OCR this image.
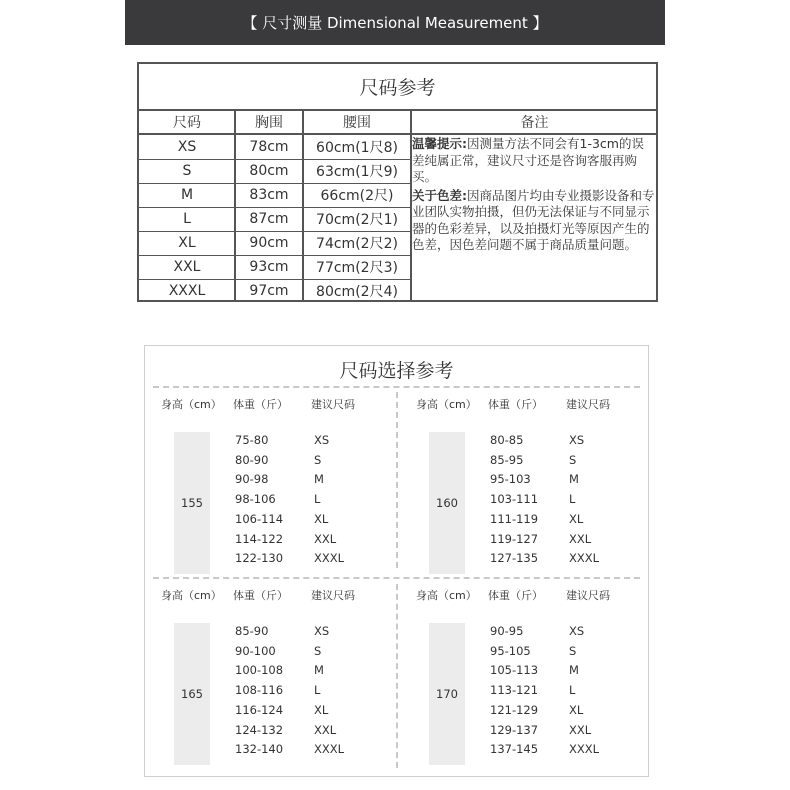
【 尺寸测量 Dimensional Measurement 】
尺码参考
尺码	胸围	腰围	备注
XS	78cm	60cm(1尺8)
S	80cm	63cm(1尺9)
M	83cm	66cm(2尺)
L	87cm	70cm(2尺1)
XL	90cm	74cm(2尺2)
XXL	93cm	77cm(2尺3)
XXXL	97cm	80cm(2尺4)
温馨提示:因测量方法不同会有1-3cm的误差纯属正常，建议尺寸还是咨询客服再购买。
关于色差:因商品图片均由专业摄影设备和专业团队实物拍摄，但仍无法保证与不同显示器的色彩差异，以及拍摄灯光等原因产生的色差，因色差问题不属于商品质量问题。
尺码选择参考
身高（cm） 体重（斤） 建议尺码
155
75-80	XS
80-90	S
90-98	M
98-106	L
106-114	XL
114-122	XXL
122-130	XXXL
身高（cm） 体重（斤） 建议尺码
160
80-85	XS
85-95	S
95-103	M
103-111	L
111-119	XL
119-127	XXL
127-135	XXXL
身高（cm） 体重（斤） 建议尺码
165
85-90	XS
90-100	S
100-108	M
108-116	L
116-124	XL
124-132	XXL
132-140	XXXL
身高（cm） 体重（斤） 建议尺码
170
90-95	XS
95-105	S
105-113	M
113-121	L
121-129	XL
129-137	XXL
137-145	XXXL
